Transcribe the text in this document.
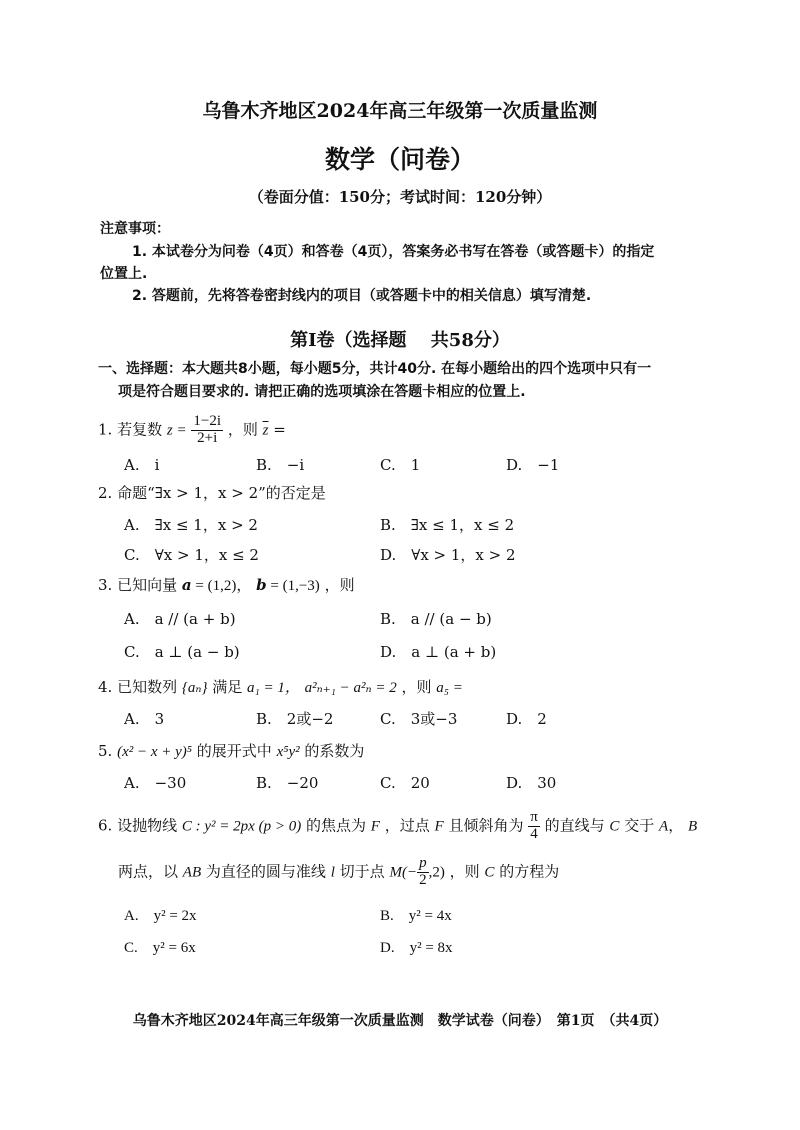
乌鲁木齐地区2024年高三年级第一次质量监测
数学（问卷）
（卷面分值：150分；考试时间：120分钟）
注意事项：
1. 本试卷分为问卷（4页）和答卷（4页），答案务必书写在答卷（或答题卡）的指定
位置上.
2. 答题前，先将答卷密封线内的项目（或答题卡中的相关信息）填写清楚.
第Ⅰ卷（选择题　 共58分）
一、选择题：本大题共8小题，每小题5分，共计40分. 在每小题给出的四个选项中只有一
项是符合题目要求的. 请把正确的选项填涂在答题卡相应的位置上.
1. 若复数 $z = \frac{1-2i}{2+i}$ ，则 $\overline{z}$ =
A.　i	B.　−i	C.　1	D.　−1
2. 命题“∃x > 1，x > 2”的否定是
A.　∃x ≤ 1，x > 2	B.　∃x ≤ 1，x ≤ 2
C.　∀x > 1，x ≤ 2	D.　∀x > 1，x > 2
3. 已知向量 a = (1,2)， b = (1,−3) ，则
A.　a // (a + b)	B.　a // (a − b)
C.　a ⊥ (a − b)	D.　a ⊥ (a + b)
4. 已知数列 {aₙ} 满足 a₁ = 1， a²ₙ₊₁ − a²ₙ = 2 ，则 a₅ =
A.　3	B.　2或−2	C.　3或−3	D.　2
5. (x² − x + y)⁵ 的展开式中 x⁵y² 的系数为
A.　−30	B.　−20	C.　20	D.　30
6. 设抛物线 C : y² = 2px (p > 0) 的焦点为 F ，过点 F 且倾斜角为 $\frac{\pi}{4}$ 的直线与 C 交于 A， B
两点，以 AB 为直径的圆与准线 l 切于点 $M(- \frac{p}{2} ,2)$ ，则 C 的方程为
A.　y² = 2x	B.　y² = 4x
C.　y² = 6x	D.　y² = 8x
乌鲁木齐地区2024年高三年级第一次质量监测　数学试卷（问卷）　第1页　（共4页）
